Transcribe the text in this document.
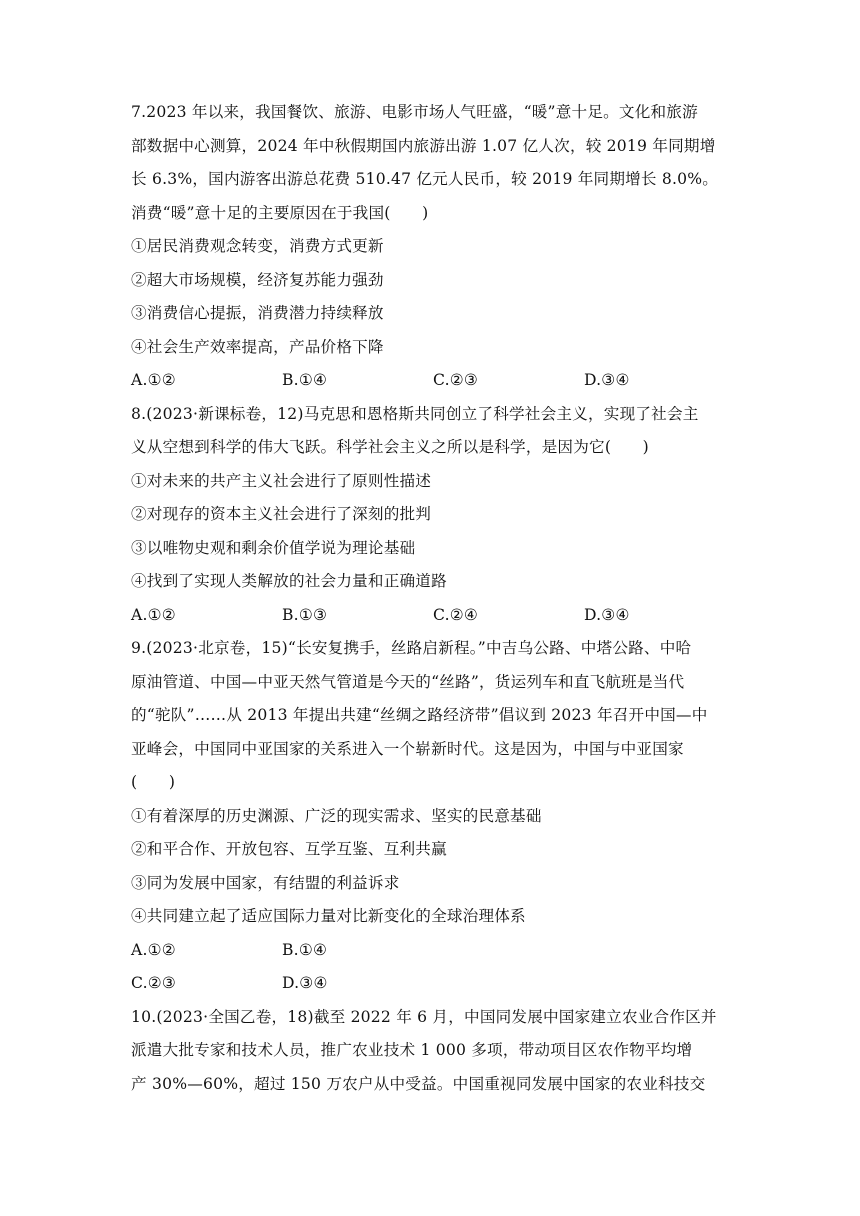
7.2023 年以来，我国餐饮、旅游、电影市场人气旺盛，“暖”意十足。文化和旅游
部数据中心测算，2024 年中秋假期国内旅游出游 1.07 亿人次，较 2019 年同期增
长 6.3%，国内游客出游总花费 510.47 亿元人民币，较 2019 年同期增长 8.0%。
消费“暖”意十足的主要原因在于我国(　　)
①居民消费观念转变，消费方式更新
②超大市场规模，经济复苏能力强劲
③消费信心提振，消费潜力持续释放
④社会生产效率提高，产品价格下降
A.①②	B.①④	C.②③	D.③④
8.(2023·新课标卷，12)马克思和恩格斯共同创立了科学社会主义，实现了社会主
义从空想到科学的伟大飞跃。科学社会主义之所以是科学，是因为它(　　)
①对未来的共产主义社会进行了原则性描述
②对现存的资本主义社会进行了深刻的批判
③以唯物史观和剩余价值学说为理论基础
④找到了实现人类解放的社会力量和正确道路
A.①②	B.①③	C.②④	D.③④
9.(2023·北京卷，15)“长安复携手，丝路启新程。”中吉乌公路、中塔公路、中哈
原油管道、中国—中亚天然气管道是今天的“丝路”，货运列车和直飞航班是当代
的“驼队”……从 2013 年提出共建“丝绸之路经济带”倡议到 2023 年召开中国—中
亚峰会，中国同中亚国家的关系进入一个崭新时代。这是因为，中国与中亚国家
(　　)
①有着深厚的历史渊源、广泛的现实需求、坚实的民意基础
②和平合作、开放包容、互学互鉴、互利共赢
③同为发展中国家，有结盟的利益诉求
④共同建立起了适应国际力量对比新变化的全球治理体系
A.①②	B.①④
C.②③	D.③④
10.(2023·全国乙卷，18)截至 2022 年 6 月，中国同发展中国家建立农业合作区并
派遣大批专家和技术人员，推广农业技术 1 000 多项，带动项目区农作物平均增
产 30%—60%，超过 150 万农户从中受益。中国重视同发展中国家的农业科技交
